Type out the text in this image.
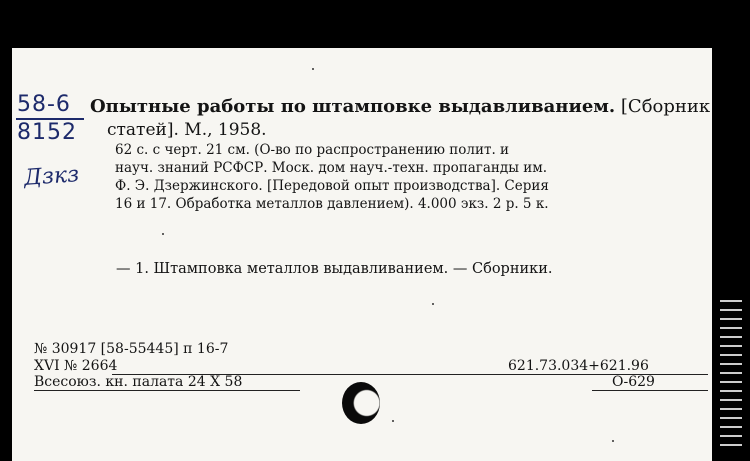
58-6
8152
Дзкз
Опытные работы по штамповке выдавливанием. [Сборник
статей]. М., 1958.
62 с. с черт. 21 см. (О-во по распространению полит. и
науч. знаний РСФСР. Моск. дом науч.-техн. пропаганды им.
Ф. Э. Дзержинского. [Передовой опыт производства]. Серия
16 и 17. Обработка металлов давлением). 4.000 экз. 2 р. 5 к.
— 1. Штамповка металлов выдавливанием. — Сборники.
№ 30917 [58-55445] п 16-7
XVI № 2664
Всесоюз. кн. палата 24 X 58
621.73.034+621.96
О-629
